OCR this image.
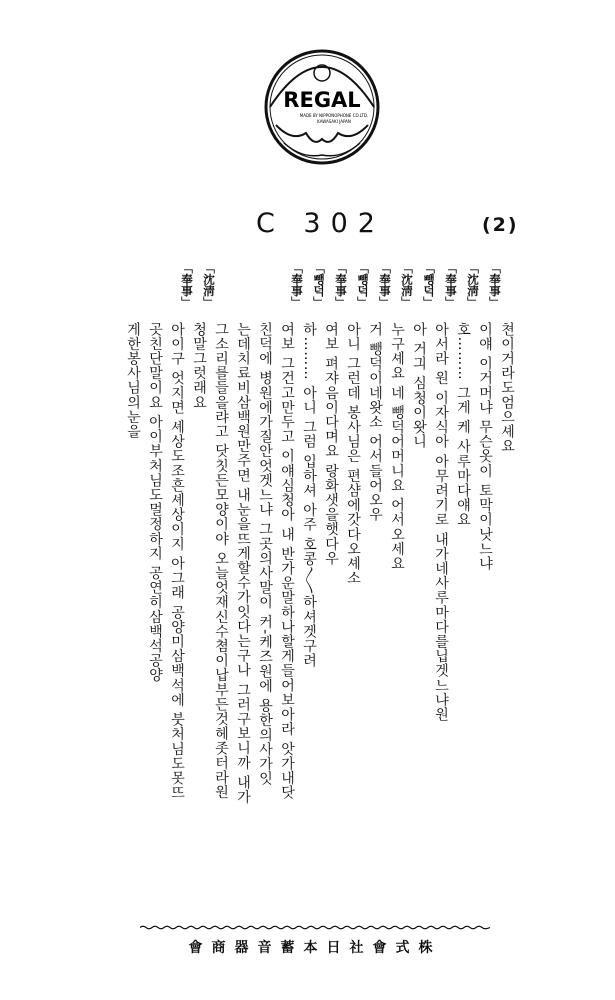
REGAL
MADE BY NIPPONOPHONE CO.LTD.
KAWASAKI JAPAN
C 302	(2)
쳔이거라도엄으셰요
「奉事」
이얘 이거머냐 무슨옷이 토막이낫느냐
「沈淸」
호……… 그게 케 사루마다얘요
「奉事」
아서라 원 이자식아 아무려기로 내가네사루마다를닙겟느냐원
「뺑덕」
아 거긔 심청이왓니
「沈淸」
누구셰요 네 뺑덕어머니요 어서오세요
「奉事」
거 뺑덕이네왓소 어서들어오우
「뺑덕」
아니 그런데 봉사님은 편샴에갓다오셰소
「奉事」
여보 펴쟈음이다며요 랑화샛을햇다우
「뺑덕」
하……… 아니 그럼 입하셔 아주 호콩〳〵하셔겟구려
「奉事」
여보 그건고만두고 이얘심청아 내 반가운말하나할게들어보아라 앗가내닷
친덕에 병원에가질안엇겟느냐 그곳의사말이 커-케즈원에 용한의사가잇
는데치료비삼백원만주면 내눈을뜨게할수가잇다는구나 그러구보니까 내가
그소리를들을랴고 닷칫든모양이야 오늘엇재신수쳠이납부든것헤좃터라원
「沈淸」
청말그럿래요
「奉事」
아이구 엇지면 셰상도조흔셰상이지 아그래 공양미삼백석에 붓처님도못뜨
곳친단말이요 아이부처님도멀정하지 공연히삼백석공양
게한봉사님의눈을
會商器音蓄本日社會式株
